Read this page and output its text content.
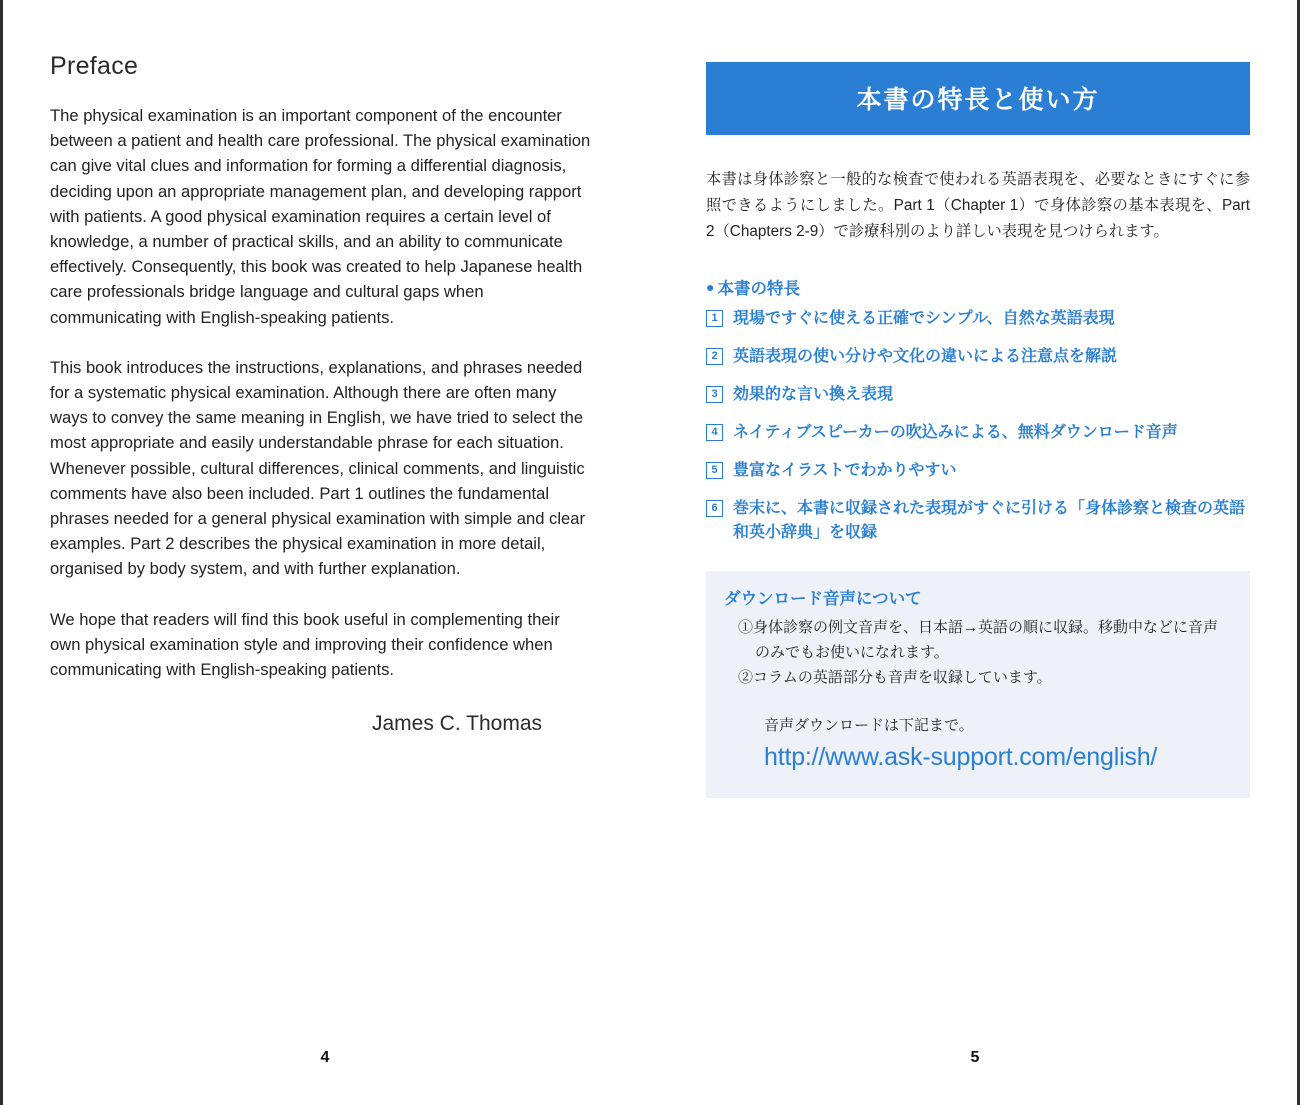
Preface

The physical examination is an important component of the encounter between a patient and health care professional. The physical examination can give vital clues and information for forming a differential diagnosis, deciding upon an appropriate management plan, and developing rapport with patients. A good physical examination requires a certain level of knowledge, a number of practical skills, and an ability to communicate effectively. Consequently, this book was created to help Japanese health care professionals bridge language and cultural gaps when communicating with English-speaking patients.

This book introduces the instructions, explanations, and phrases needed for a systematic physical examination. Although there are often many ways to convey the same meaning in English, we have tried to select the most appropriate and easily understandable phrase for each situation. Whenever possible, cultural differences, clinical comments, and linguistic comments have also been included. Part 1 outlines the fundamental phrases needed for a general physical examination with simple and clear examples. Part 2 describes the physical examination in more detail, organised by body system, and with further explanation.

We hope that readers will find this book useful in complementing their own physical examination style and improving their confidence when communicating with English-speaking patients.

James C. Thomas
本書の特長と使い方

本書は身体診察と一般的な検査で使われる英語表現を、必要なときにすぐに参照できるようにしました。Part 1（Chapter 1）で身体診察の基本表現を、Part 2（Chapters 2-9）で診療科別のより詳しい表現を見つけられます。

● 本書の特長
1 現場ですぐに使える正確でシンプル、自然な英語表現
2 英語表現の使い分けや文化の違いによる注意点を解説
3 効果的な言い換え表現
4 ネイティブスピーカーの吹込みによる、無料ダウンロード音声
5 豊富なイラストでわかりやすい
6 巻末に、本書に収録された表現がすぐに引ける「身体診察と検査の英語和英小辞典」を収録
ダウンロード音声について
①身体診察の例文音声を、日本語→英語の順に収録。移動中などに音声のみでもお使いになれます。
②コラムの英語部分も音声を収録しています。
音声ダウンロードは下記まで。
http://www.ask-support.com/english/
4	5
